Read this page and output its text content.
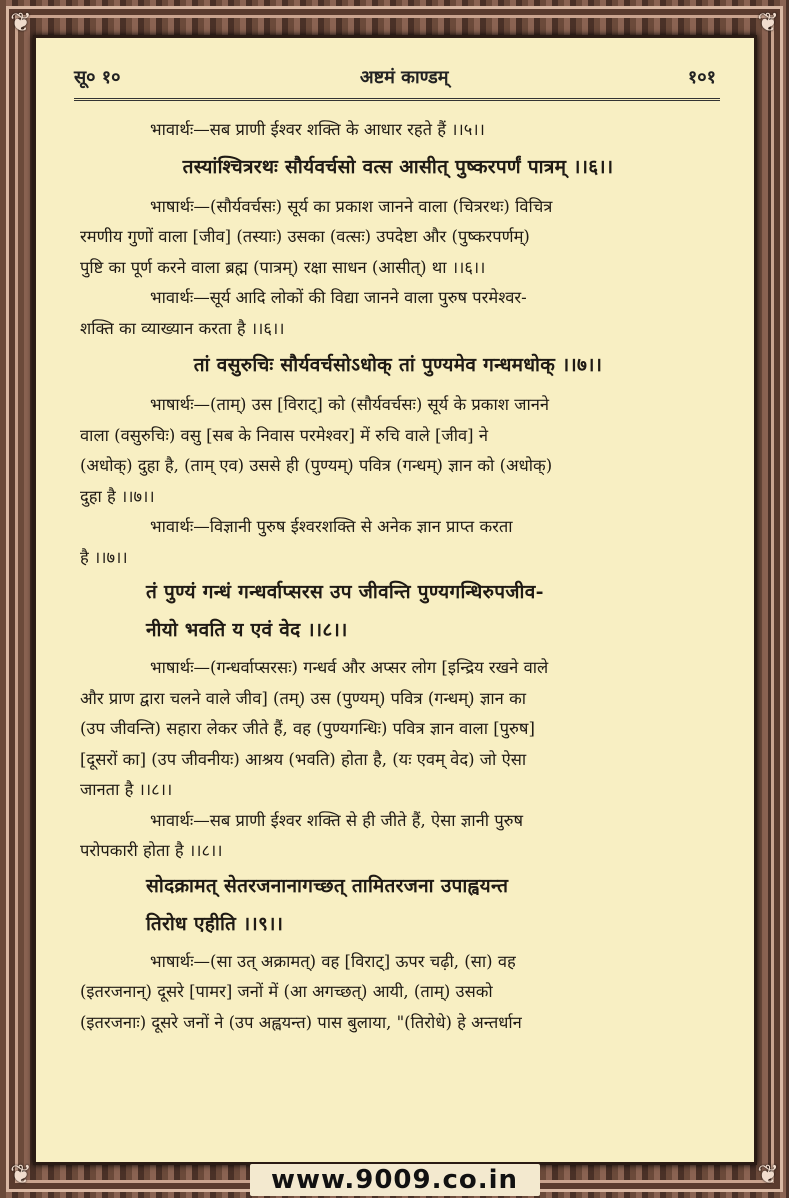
❦	❦
❦	❦
सू० १०	अष्टमं काण्डम्	१०१
भावार्थः—सब प्राणी ईश्वर शक्ति के आधार रहते हैं ।।५।।
तस्यांश्चित्ररथः सौर्यवर्चसो वत्स आसीत् पुष्करपर्णं पात्रम् ।।६।।
भाषार्थः—(सौर्यवर्चसः) सूर्य का प्रकाश जानने वाला (चित्ररथः) विचित्र
रमणीय गुणों वाला [जीव] (तस्याः) उसका (वत्सः) उपदेष्टा और (पुष्करपर्णम्)
पुष्टि का पूर्ण करने वाला ब्रह्म (पात्रम्) रक्षा साधन (आसीत्) था ।।६।।
भावार्थः—सूर्य आदि लोकों की विद्या जानने वाला पुरुष परमेश्वर-
शक्ति का व्याख्यान करता है ।।६।।
तां वसुरुचिः सौर्यवर्चसोऽधोक् तां पुण्यमेव गन्धमधोक् ।।७।।
भाषार्थः—(ताम्) उस [विराट्] को (सौर्यवर्चसः) सूर्य के प्रकाश जानने
वाला (वसुरुचिः) वसु [सब के निवास परमेश्वर] में रुचि वाले [जीव] ने
(अधोक्) दुहा है, (ताम् एव) उससे ही (पुण्यम्) पवित्र (गन्धम्) ज्ञान को (अधोक्)
दुहा है ।।७।।
भावार्थः—विज्ञानी पुरुष ईश्वरशक्ति से अनेक ज्ञान प्राप्त करता
है ।।७।।
तं पुण्यं गन्धं गन्धर्वाप्सरस उप जीवन्ति पुण्यगन्धिरुपजीव-
नीयो भवति य एवं वेद ।।८।।
भाषार्थः—(गन्धर्वाप्सरसः) गन्धर्व और अप्सर लोग [इन्द्रिय रखने वाले
और प्राण द्वारा चलने वाले जीव] (तम्) उस (पुण्यम्) पवित्र (गन्धम्) ज्ञान का
(उप जीवन्ति) सहारा लेकर जीते हैं, वह (पुण्यगन्धिः) पवित्र ज्ञान वाला [पुरुष]
[दूसरों का] (उप जीवनीयः) आश्रय (भवति) होता है, (यः एवम् वेद) जो ऐसा
जानता है ।।८।।
भावार्थः—सब प्राणी ईश्वर शक्ति से ही जीते हैं, ऐसा ज्ञानी पुरुष
परोपकारी होता है ।।८।।
सोदक्रामत् सेतरजनानागच्छत् तामितरजना उपाह्वयन्त
तिरोध एहीति ।।९।।
भाषार्थः—(सा उत् अक्रामत्) वह [विराट्] ऊपर चढ़ी, (सा) वह
(इतरजनान्) दूसरे [पामर] जनों में (आ अगच्छत्) आयी, (ताम्) उसको
(इतरजनाः) दूसरे जनों ने (उप अह्वयन्त) पास बुलाया, "(तिरोधे) हे अन्तर्धान
www.9009.co.in
